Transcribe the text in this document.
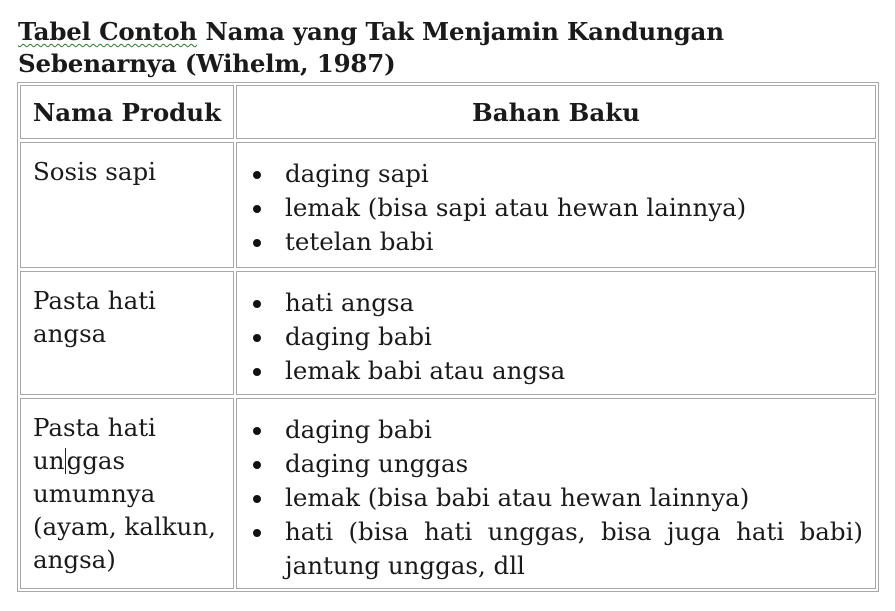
Tabel Contoh Nama yang Tak Menjamin Kandungan Sebenarnya (Wihelm, 1987)
Nama Produk	Bahan Baku
Sosis sapi	daging sapi
lemak (bisa sapi atau hewan lainnya)
tetelan babi
Pasta hati
angsa
hati angsa
daging babi
lemak babi atau angsa
Pasta hati
unggas
umumnya
(ayam, kalkun,
angsa)
daging babi
daging unggas
lemak (bisa babi atau hewan lainnya)
hati (bisa hati unggas, bisa juga hati babi) jantung unggas, dll
